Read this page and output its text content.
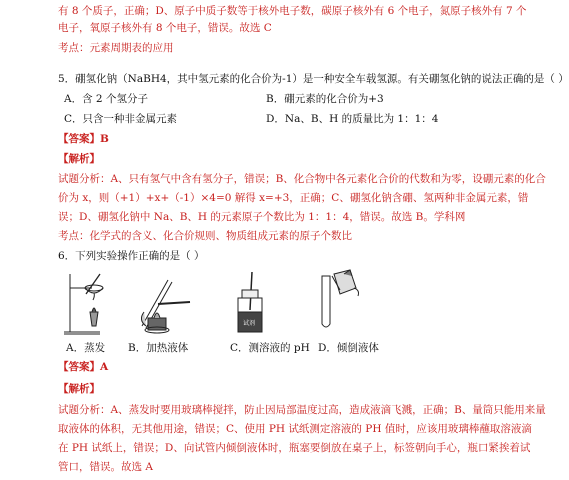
有 8 个质子，正确；D、原子中质子数等于核外电子数，碳原子核外有 6 个电子，氮原子核外有 7 个
电子，氧原子核外有 8 个电子，错误。故选 C
考点：元素周期表的应用
5．硼氢化钠（NaBH4，其中氢元素的化合价为-1）是一种安全车载氢源。有关硼氢化钠的说法正确的是（ ）
A．含 2 个氢分子	B．硼元素的化合价为+3
C．只含一种非金属元素	D．Na、B、H 的质量比为 1：1：4
【答案】B
【解析】
试题分析：A、只有氢气中含有氢分子，错误；B、化合物中各元素化合价的代数和为零，设硼元素的化合
价为 x，则（+1）+x+（-1）×4=0 解得 x=+3，正确；C、硼氢化钠含硼、氢两种非金属元素，错
误；D、硼氢化钠中 Na、B、H 的元素原子个数比为 1：1：4，错误。故选 B。学科网
考点：化学式的含义、化合价规则、物质组成元素的原子个数比
6．下列实验操作正确的是（ ）
A．蒸发 B．加热液体
试剂
C．测溶液的 pH D．倾倒液体
【答案】A
【解析】
试题分析：A、蒸发时要用玻璃棒搅拌，防止因局部温度过高，造成液滴飞溅，正确；B、量筒只能用来量
取液体的体积，无其他用途，错误；C、使用 PH 试纸测定溶液的 PH 值时，应该用玻璃棒蘸取溶液滴
在 PH 试纸上，错误；D、向试管内倾倒液体时，瓶塞要倒放在桌子上，标签朝向手心，瓶口紧挨着试
管口，错误。故选 A
